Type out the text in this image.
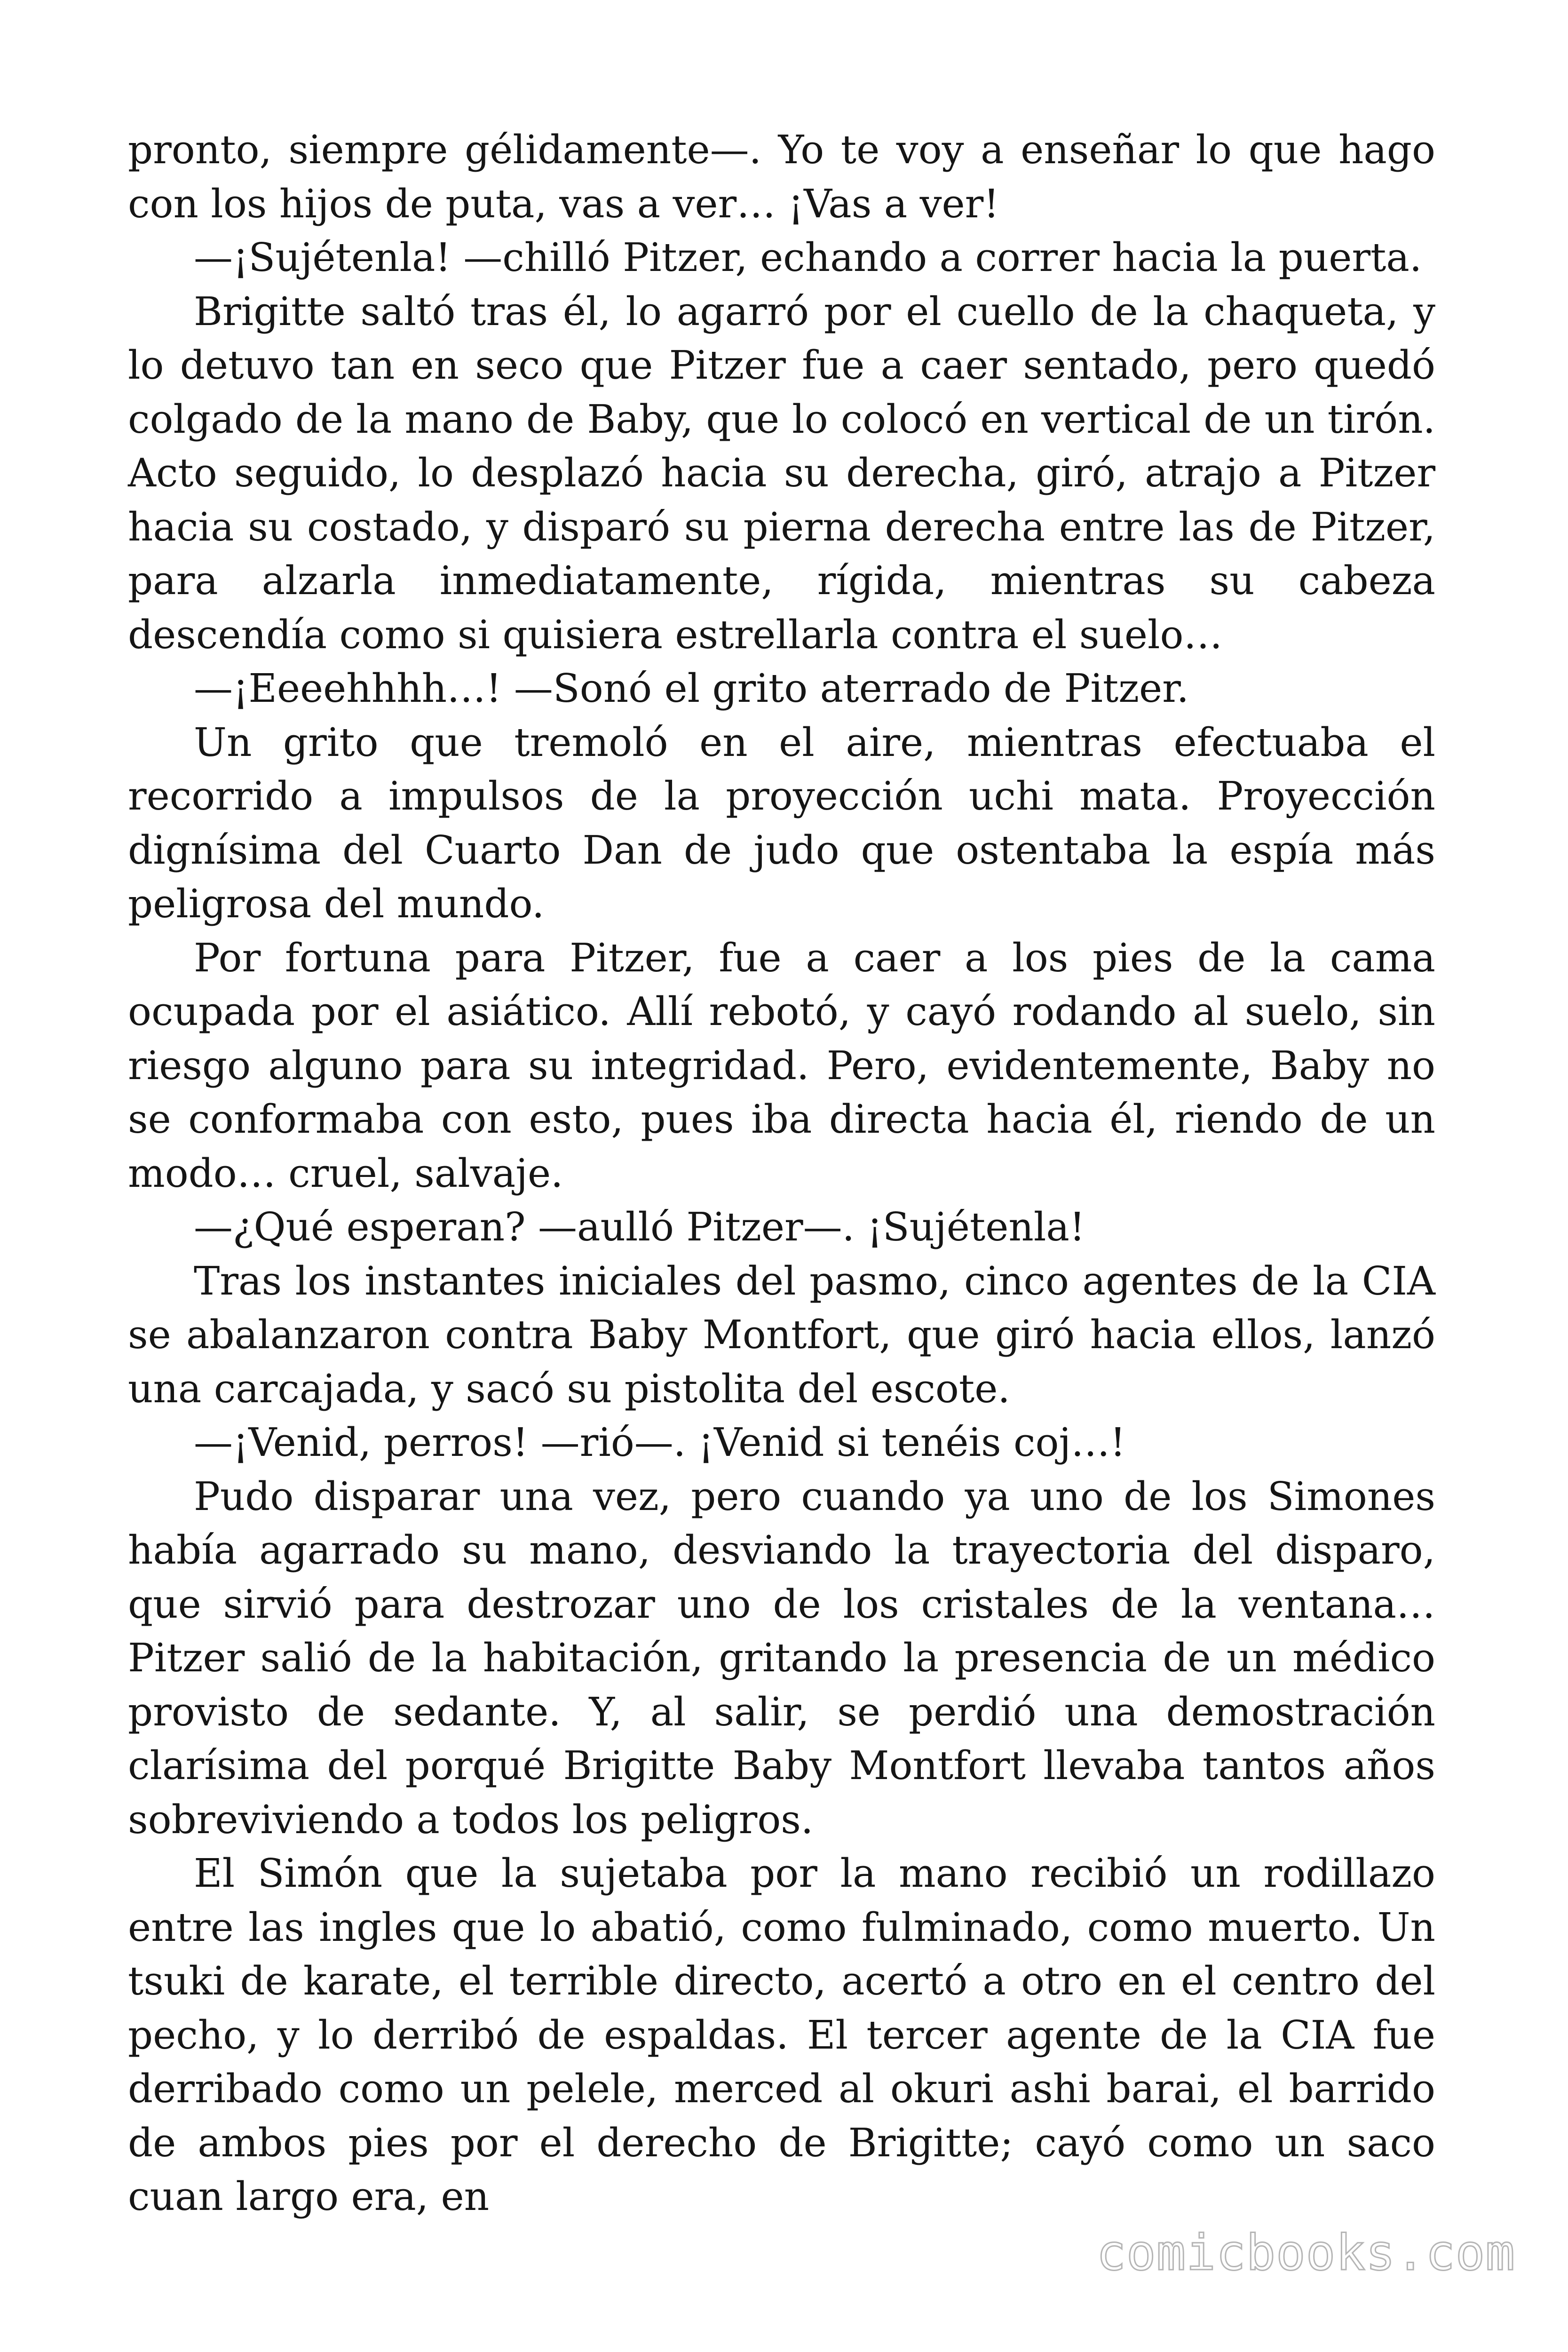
pronto, siempre gélidamente—. Yo te voy a enseñar lo que hago con los hijos de puta, vas a ver… ¡Vas a ver!

—¡Sujétenla! —chilló Pitzer, echando a correr hacia la puerta.

Brigitte saltó tras él, lo agarró por el cuello de la chaqueta, y lo detuvo tan en seco que Pitzer fue a caer sentado, pero quedó colgado de la mano de Baby, que lo colocó en vertical de un tirón. Acto seguido, lo desplazó hacia su derecha, giró, atrajo a Pitzer hacia su costado, y disparó su pierna derecha entre las de Pitzer, para alzarla inmediatamente, rígida, mientras su cabeza descendía como si quisiera estrellarla contra el suelo…

—¡Eeeehhhh…! —Sonó el grito aterrado de Pitzer.

Un grito que tremoló en el aire, mientras efectuaba el recorrido a impulsos de la proyección uchi mata. Proyección dignísima del Cuarto Dan de judo que ostentaba la espía más peligrosa del mundo.

Por fortuna para Pitzer, fue a caer a los pies de la cama ocupada por el asiático. Allí rebotó, y cayó rodando al suelo, sin riesgo alguno para su integridad. Pero, evidentemente, Baby no se conformaba con esto, pues iba directa hacia él, riendo de un modo… cruel, salvaje.

—¿Qué esperan? —aulló Pitzer—. ¡Sujétenla!

Tras los instantes iniciales del pasmo, cinco agentes de la CIA se abalanzaron contra Baby Montfort, que giró hacia ellos, lanzó una carcajada, y sacó su pistolita del escote.

—¡Venid, perros! —rió—. ¡Venid si tenéis coj…!

Pudo disparar una vez, pero cuando ya uno de los Simones había agarrado su mano, desviando la trayectoria del disparo, que sirvió para destrozar uno de los cristales de la ventana… Pitzer salió de la habitación, gritando la presencia de un médico provisto de sedante. Y, al salir, se perdió una demostración clarísima del porqué Brigitte Baby Montfort llevaba tantos años sobreviviendo a todos los peligros.

El Simón que la sujetaba por la mano recibió un rodillazo entre las ingles que lo abatió, como fulminado, como muerto. Un tsuki de karate, el terrible directo, acertó a otro en el centro del pecho, y lo derribó de espaldas. El tercer agente de la CIA fue derribado como un pelele, merced al okuri ashi barai, el barrido de ambos pies por el derecho de Brigitte; cayó como un saco cuan largo era, en

comicbooks.com
